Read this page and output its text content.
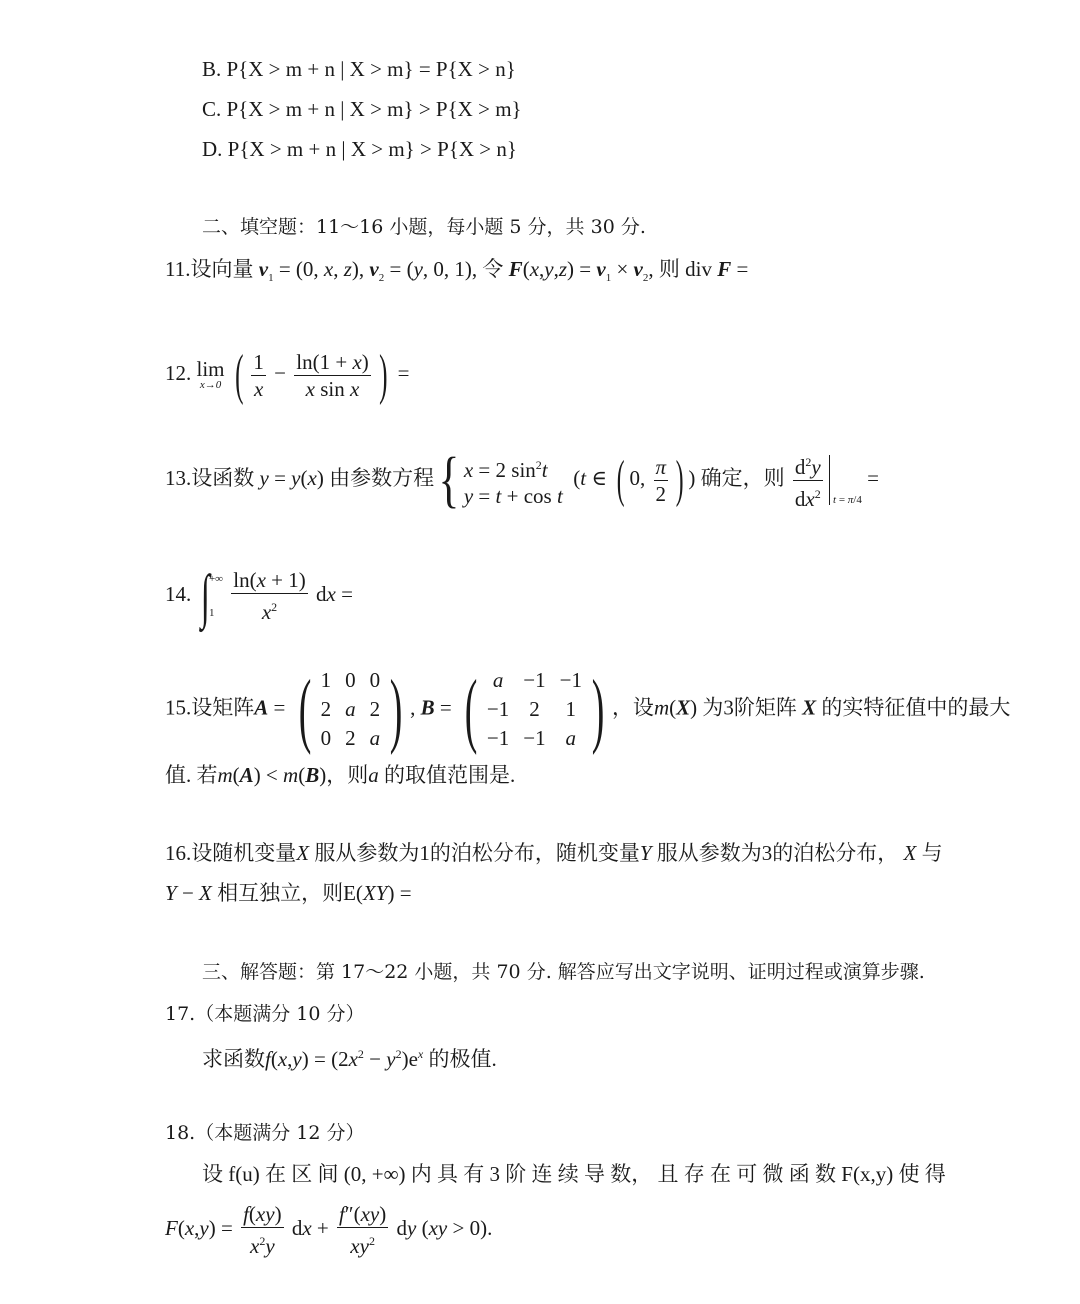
B. P{X > m + n | X > m} = P{X > n}
C. P{X > m + n | X > m} > P{X > m}
D. P{X > m + n | X > m} > P{X > n}
二、填空题：11～16 小题，每小题 5 分，共 30 分.
11.设向量 $v_1 = (0$, x, z), $v_2 = (y$, 0, 1), 令 $F(x,y,z) = v_1 \times v_2$, 则 div F =
12. lim
x→0 ( $\frac{1}{x} - \frac{\ln(1 + x)}{\text{x sin x}}$ ) =
13.设函数 y = y(x) 由参数方程{ x = 2 $\sin^2t$
y = t + cos t
(t ∈ ( 0, $\frac{\pi}{2}$ ) ) 确定，则 $\frac{d^2y}{dx^2} _{t = \pi/4}$ =
14. ∫ +∞
1
$\frac{\ln(x + 1)}{x^2}$ dx =
15.设矩阵A = ( 1 0 0
2 a 2
0 2 a ) , B = ( a −1 −1
−1 2 1
−1 −1 a ) ，设m(X) 为3阶矩阵 X 的实特征值中的最大
值. 若m(A) < m(B)，则a 的取值范围是.
16.设随机变量X 服从参数为1的泊松分布，随机变量Y 服从参数为3的泊松分布， X 与
Y − X 相互独立，则E(XY) =
三、解答题：第 17～22 小题，共 70 分. 解答应写出文字说明、证明过程或演算步骤.
17.（本题满分 10 分）
求函数$f(x,y) = (2x^2 - y^2)e^x$ 的极值.
18.（本题满分 12 分）
设 f(u) 在 区 间 (0, +∞) 内 具 有 3 阶 连 续 导 数， 且 存 在 可 微 函 数 F(x,y) 使 得
$F(x,y) = \frac{f(xy)}{x^2y}$ dx + $\frac{f''(xy)}{xy^2}$ dy (xy > 0).
